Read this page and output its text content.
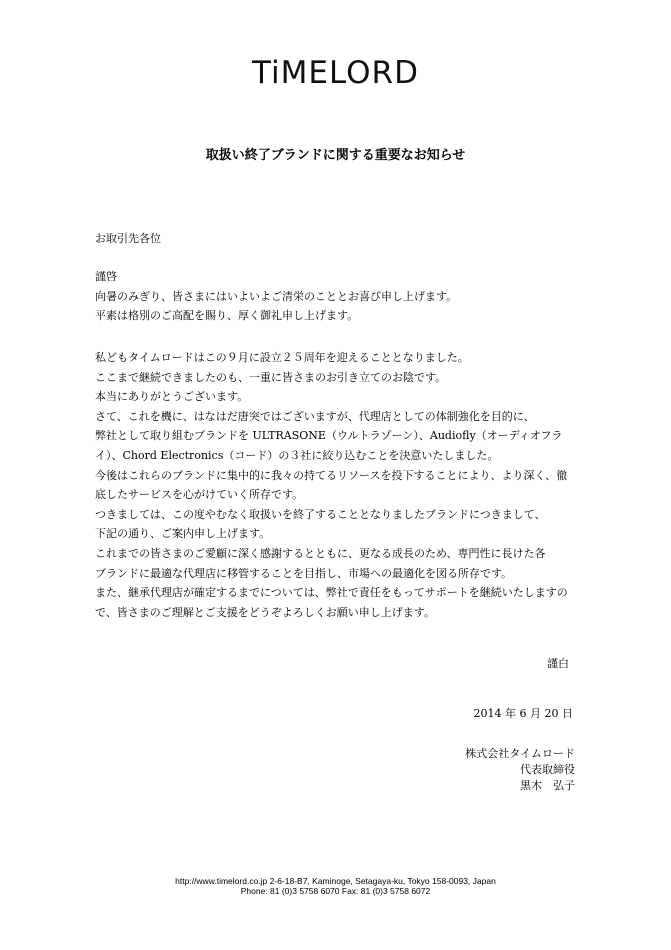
TiMELORD
取扱い終了ブランドに関する重要なお知らせ
お取引先各位
謹啓
向暑のみぎり、皆さまにはいよいよご清栄のこととお喜び申し上げます。
平素は格別のご高配を賜り、厚く御礼申し上げます。
私どもタイムロードはこの９月に設立２５周年を迎えることとなりました。
ここまで継続できましたのも、一重に皆さまのお引き立てのお陰です。
本当にありがとうございます。
さて、これを機に、はなはだ唐突ではございますが、代理店としての体制強化を目的に、
弊社として取り組むブランドを ULTRASONE（ウルトラゾーン）、Audiofly（オーディオフラ
イ）、Chord Electronics（コード）の３社に絞り込むことを決意いたしました。
今後はこれらのブランドに集中的に我々の持てるリソースを投下することにより、より深く、徹
底したサービスを心がけていく所存です。
つきましては、この度やむなく取扱いを終了することとなりましたブランドにつきまして、
下記の通り、ご案内申し上げます。
これまでの皆さまのご愛顧に深く感謝するとともに、更なる成長のため、専門性に長けた各
ブランドに最適な代理店に移管することを目指し、市場への最適化を図る所存です。
また、継承代理店が確定するまでについては、弊社で責任をもってサポートを継続いたしますの
で、皆さまのご理解とご支援をどうぞよろしくお願い申し上げます。
謹白
2014 年 6 月 20 日
株式会社タイムロード
代表取締役
黒木　弘子
http://www.timelord.co.jp 2-6-18-B7, Kaminoge, Setagaya-ku, Tokyo 158-0093, Japan
Phone: 81 (0)3 5758 6070 Fax: 81 (0)3 5758 6072
